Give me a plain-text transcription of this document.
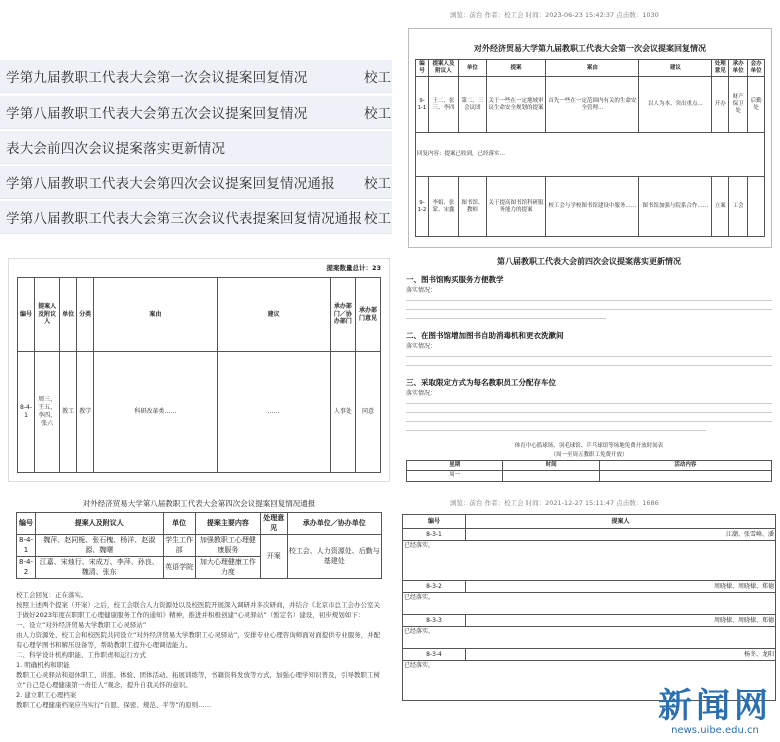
学第九届教职工代表大会第一次会议提案回复情况	校工
学第八届教职工代表大会第五次会议提案回复情况	校工
表大会前四次会议提案落实更新情况
学第八届教职工代表大会第四次会议提案回复情况通报 校工
学第八届教职工代表大会第三次会议代表提案回复情况通报 校工
浏览：前台 作者：校工会 时间：2023-06-23 15:42:37 点击数：1030
对外经济贸易大学第九届教职工代表大会第一次会议提案回复情况
编号	提案人及附议人	单位	提案	案由	建议	处理意见	承办单位	会办单位
9-1-1	王二、张三、李四	第二、三会议团	关于一些在一定地域审议生命安全规划的提案	首先一些在一定范围内有关的生命安全管理...	以人为本、突出重点...	开办	财产保卫处	后勤处
回复内容：提案已收到，已经落实…								
9-1-2	李娟、张蒙、宋鑫	图书馆、教师	关于提高图书馆科研服务能力的提案	校工会与学校图书馆建设中服务……	图书馆加强与院系合作……	立案	工会	
提案数量总计：23
编号	提案人及附议人	单位	分类	案由	建议	承办部门／协办部门	承办部门意见
8-4-1	周三、王五、李四、张六	教工	教学	科研改革类……	……	人事处	同意
第八届教职工代表大会前四次会议提案落实更新情况
一、图书馆购买服务方便教学
落实情况：
二、在图书馆增加图书自助消毒机和更衣洗漱间
落实情况：
三、采取限定方式为每名教职员工分配存车位
落实情况：
体育中心篮球场、羽毛球馆、乒乓球馆等场地免费开放时间表		
（周一至周五教职工免费开放）		
星期	时间	活动内容
周一		
对外经济贸易大学第八届教职工代表大会第四次会议提案回复情况通报
编号	提案人及附议人	单位	提案主要内容	处理意见	承办单位／协办单位
8-4-1	魏萍、赵同栀、张石槐、杨洋、赵淑源、魏曙	学生工作部	加强教职工心理健康服务	开案	校工会、人力资源处、后勤与基建处
8-4-2	江嘉、宋烛行、宋成万、李萍、孙良、魏清、张东	英语学院	加大心理健康工作力度		
校工会回复：正在落实。
按照上述两个提案（开案）之后，校工会联合人力资源处以及校医院开展深入调研并多次研商，并结合《北京市总工会办公室关于做好2023年度在职职工心理健康服务工作的通知》精神，推进并积极创建“心灵驿站”（暂定名）建设，初步规划如下：
一、设立“对外经济贸易大学教职工心灵驿站”
由人力资源处、校工会和校医院共同设立“对外经济贸易大学教职工心灵驿站”，安排专业心理咨询师面对面提供专业服务，并配有心理学图书和解压设备等，帮助教职工提升心理调适能力。
二、科学设计机构职能、工作职责和运行方式
1. 明确机构和职能
教职工心灵驿站和退休职工、讲座、体验、团体活动、拓展训练等，书籍资料发放等方式，加强心理学知识普及，引导教职工树立“自己是心理健康第一责任人”观念，提升自我关怀的意识。
2. 建立职工心理档案
教职工心理健康档案应当实行“自愿、保密、规范、平等”的原则……
浏览：前台 作者：校工会 时间：2021-12-27 15:11:47 点击数：1686
编号	提案人
8-3-1	江潮、张雪峰、潘
已经落实，	
8-3-2	周晓棣、周晓棣、郑德
已经落实，	
8-3-3	周晓棣、周晓棣、郑德
已经落实，	
8-3-4	杨冬、龙阳
已经落实，	
新闻网
news.uibe.edu.cn
